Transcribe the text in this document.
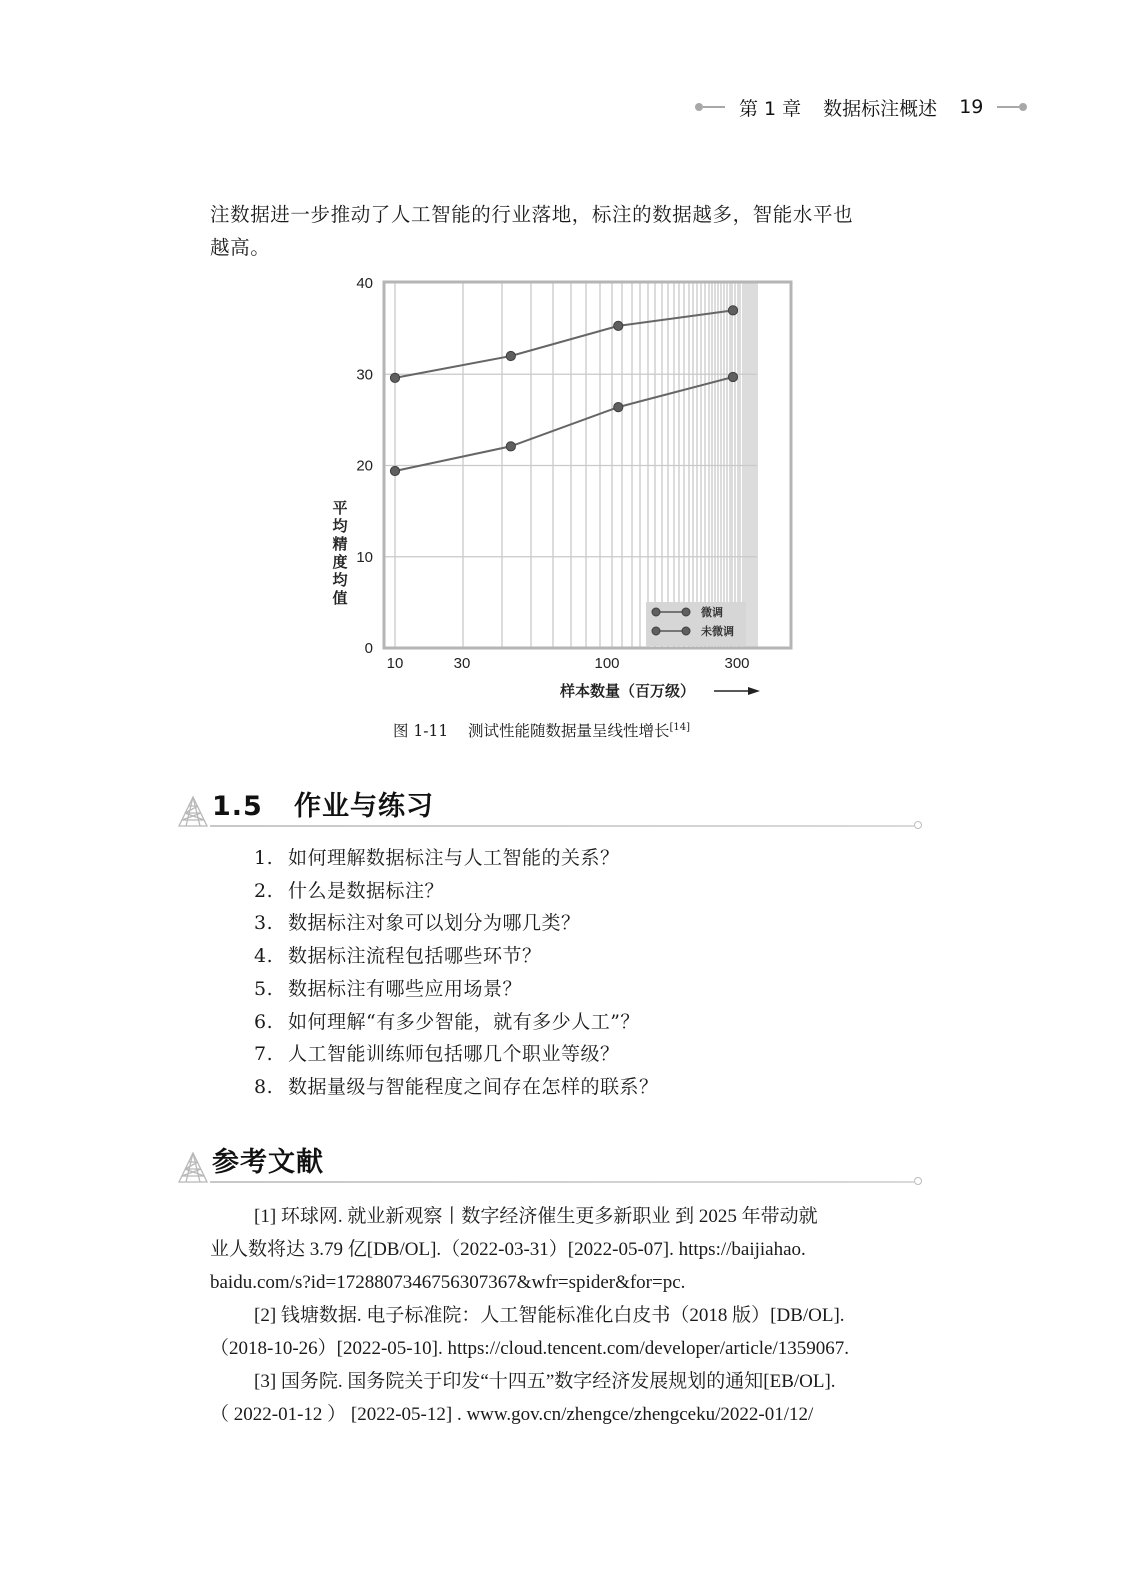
第 1 章 数据标注概述 19
注数据进一步推动了人工智能的行业落地，标注的数据越多，智能水平也
越高。
0
10
20
30
40
10	30	100	300
平均精度均值
样本数量（百万级）
微调
未微调
图 1-11 测试性能随数据量呈线性增长[14]
1.5 作业与练习
1. 如何理解数据标注与人工智能的关系？
2. 什么是数据标注？
3. 数据标注对象可以划分为哪几类？
4. 数据标注流程包括哪些环节？
5. 数据标注有哪些应用场景？
6. 如何理解“有多少智能，就有多少人工”？
7. 人工智能训练师包括哪几个职业等级？
8. 数据量级与智能程度之间存在怎样的联系？
参考文献
[1] 环球网. 就业新观察丨数字经济催生更多新职业 到 2025 年带动就
业人数将达 3.79 亿[DB/OL].（2022-03-31）[2022-05-07]. https://baijiahao.
baidu.com/s?id=1728807346756307367&wfr=spider&for=pc.
[2] 钱塘数据. 电子标准院：人工智能标准化白皮书（2018 版）[DB/OL].
（2018-10-26）[2022-05-10]. https://cloud.tencent.com/developer/article/1359067.
[3] 国务院. 国务院关于印发“十四五”数字经济发展规划的通知[EB/OL].
（ 2022-01-12 ） [2022-05-12] . www.gov.cn/zhengce/zhengceku/2022-01/12/
